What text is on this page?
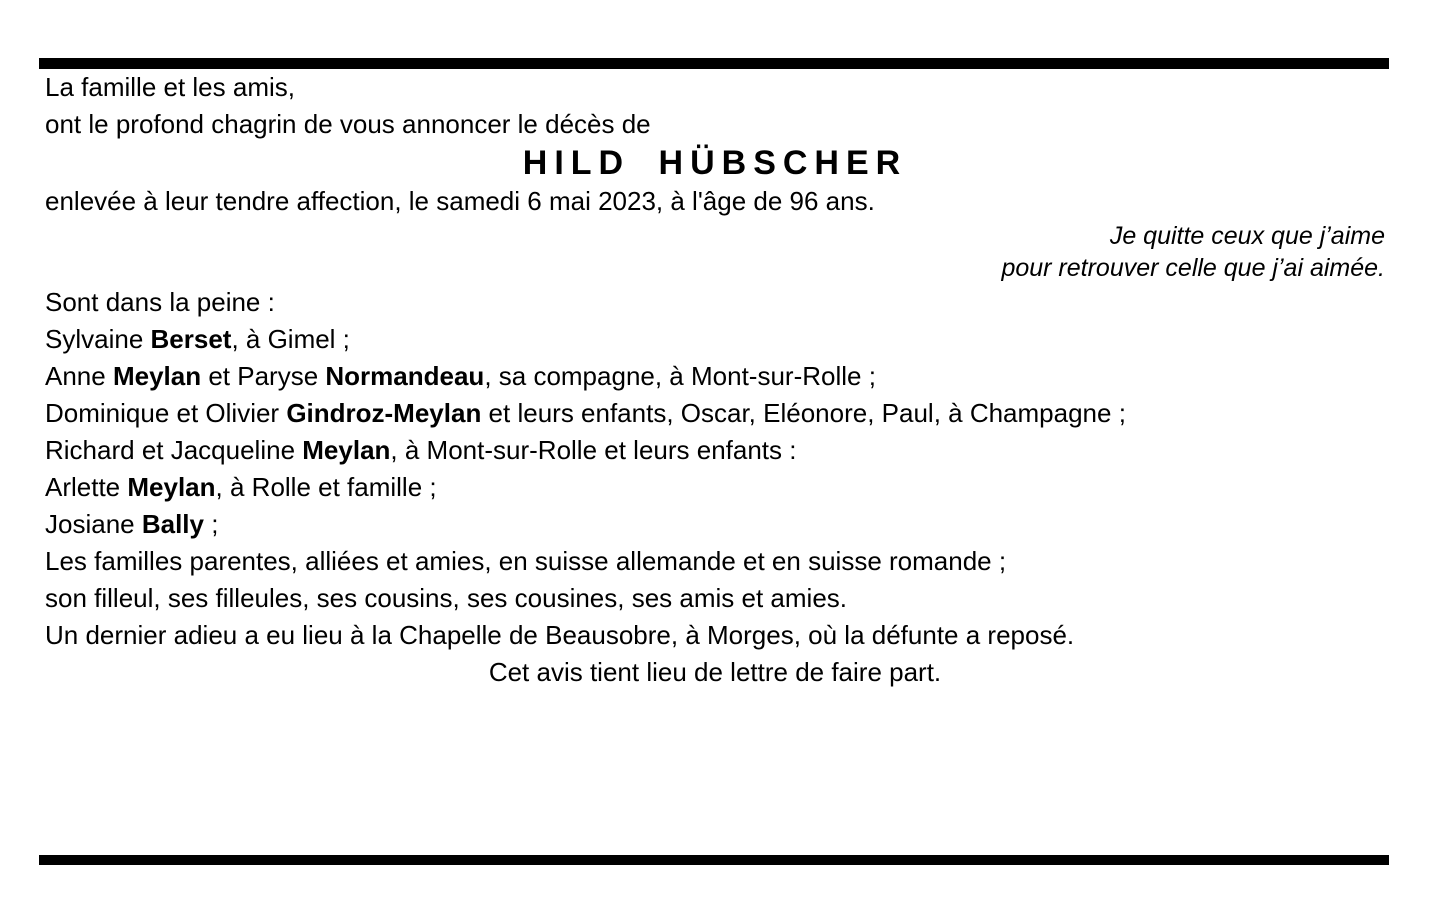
La famille et les amis,
ont le profond chagrin de vous annoncer le décès de

HILD HÜBSCHER

enlevée à leur tendre affection, le samedi 6 mai 2023, à l'âge de 96 ans.

Je quitte ceux que j’aime
pour retrouver celle que j’ai aimée.
Sont dans la peine :
Sylvaine Berset, à Gimel ;
Anne Meylan et Paryse Normandeau, sa compagne, à Mont-sur-Rolle ;
Dominique et Olivier Gindroz-Meylan et leurs enfants, Oscar, Eléonore, Paul, à Champagne ;
Richard et Jacqueline Meylan, à Mont-sur-Rolle et leurs enfants :
Arlette Meylan, à Rolle et famille ;
Josiane Bally ;
Les familles parentes, alliées et amies, en suisse allemande et en suisse romande ;
son filleul, ses filleules, ses cousins, ses cousines, ses amis et amies.

Un dernier adieu a eu lieu à la Chapelle de Beausobre, à Morges, où la défunte a reposé.

Cet avis tient lieu de lettre de faire part.
